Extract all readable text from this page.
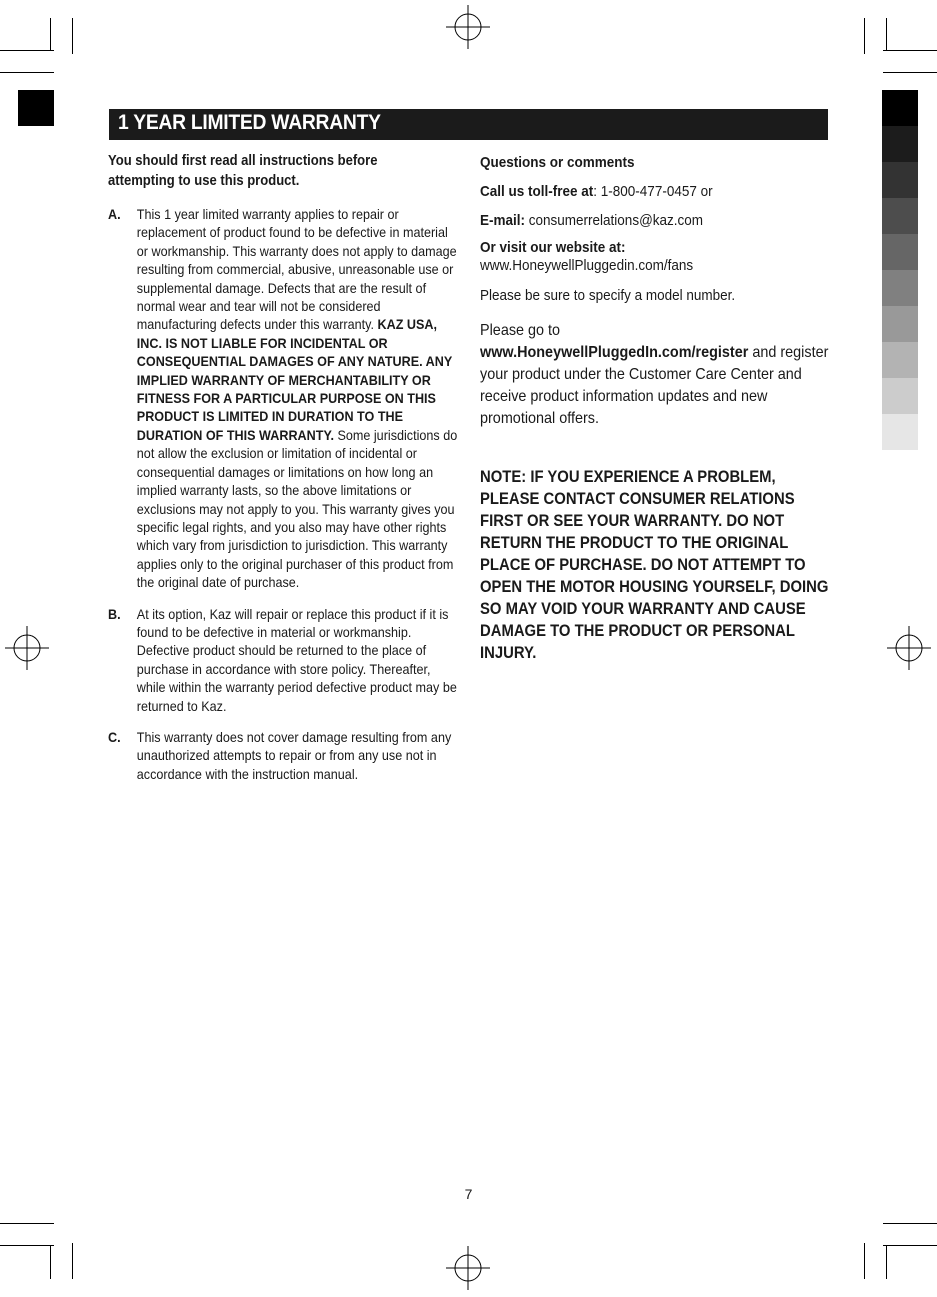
1 YEAR LIMITED WARRANTY

You should first read all instructions before attempting to use this product.

A. This 1 year limited warranty applies to repair or replacement of product found to be defective in material or workmanship. This warranty does not apply to damage resulting from commercial, abusive, unreasonable use or supplemental damage. Defects that are the result of normal wear and tear will not be considered manufacturing defects under this warranty. KAZ USA, INC. IS NOT LIABLE FOR INCIDENTAL OR CONSEQUENTIAL DAMAGES OF ANY NATURE. ANY IMPLIED WARRANTY OF MERCHANTABILITY OR FITNESS FOR A PARTICULAR PURPOSE ON THIS PRODUCT IS LIMITED IN DURATION TO THE DURATION OF THIS WARRANTY. Some jurisdictions do not allow the exclusion or limitation of incidental or consequential damages or limitations on how long an implied warranty lasts, so the above limitations or exclusions may not apply to you. This warranty gives you specific legal rights, and you also may have other rights which vary from jurisdiction to jurisdiction. This warranty applies only to the original purchaser of this product from the original date of purchase.

B. At its option, Kaz will repair or replace this product if it is found to be defective in material or workmanship. Defective product should be returned to the place of purchase in accordance with store policy. Thereafter, while within the warranty period defective product may be returned to Kaz.

C. This warranty does not cover damage resulting from any unauthorized attempts to repair or from any use not in accordance with the instruction manual.

Questions or comments

Call us toll-free at: 1-800-477-0457 or

E-mail: consumerrelations@kaz.com

Or visit our website at:

www.HoneywellPluggedin.com/fans

Please be sure to specify a model number.

Please go to

www.HoneywellPluggedIn.com/register and register your product under the Customer Care Center and receive product information updates and new promotional offers.

NOTE: IF YOU EXPERIENCE A PROBLEM, PLEASE CONTACT CONSUMER RELATIONS FIRST OR SEE YOUR WARRANTY. DO NOT RETURN THE PRODUCT TO THE ORIGINAL PLACE OF PURCHASE. DO NOT ATTEMPT TO OPEN THE MOTOR HOUSING YOURSELF, DOING SO MAY VOID YOUR WARRANTY AND CAUSE DAMAGE TO THE PRODUCT OR PERSONAL INJURY.

7
